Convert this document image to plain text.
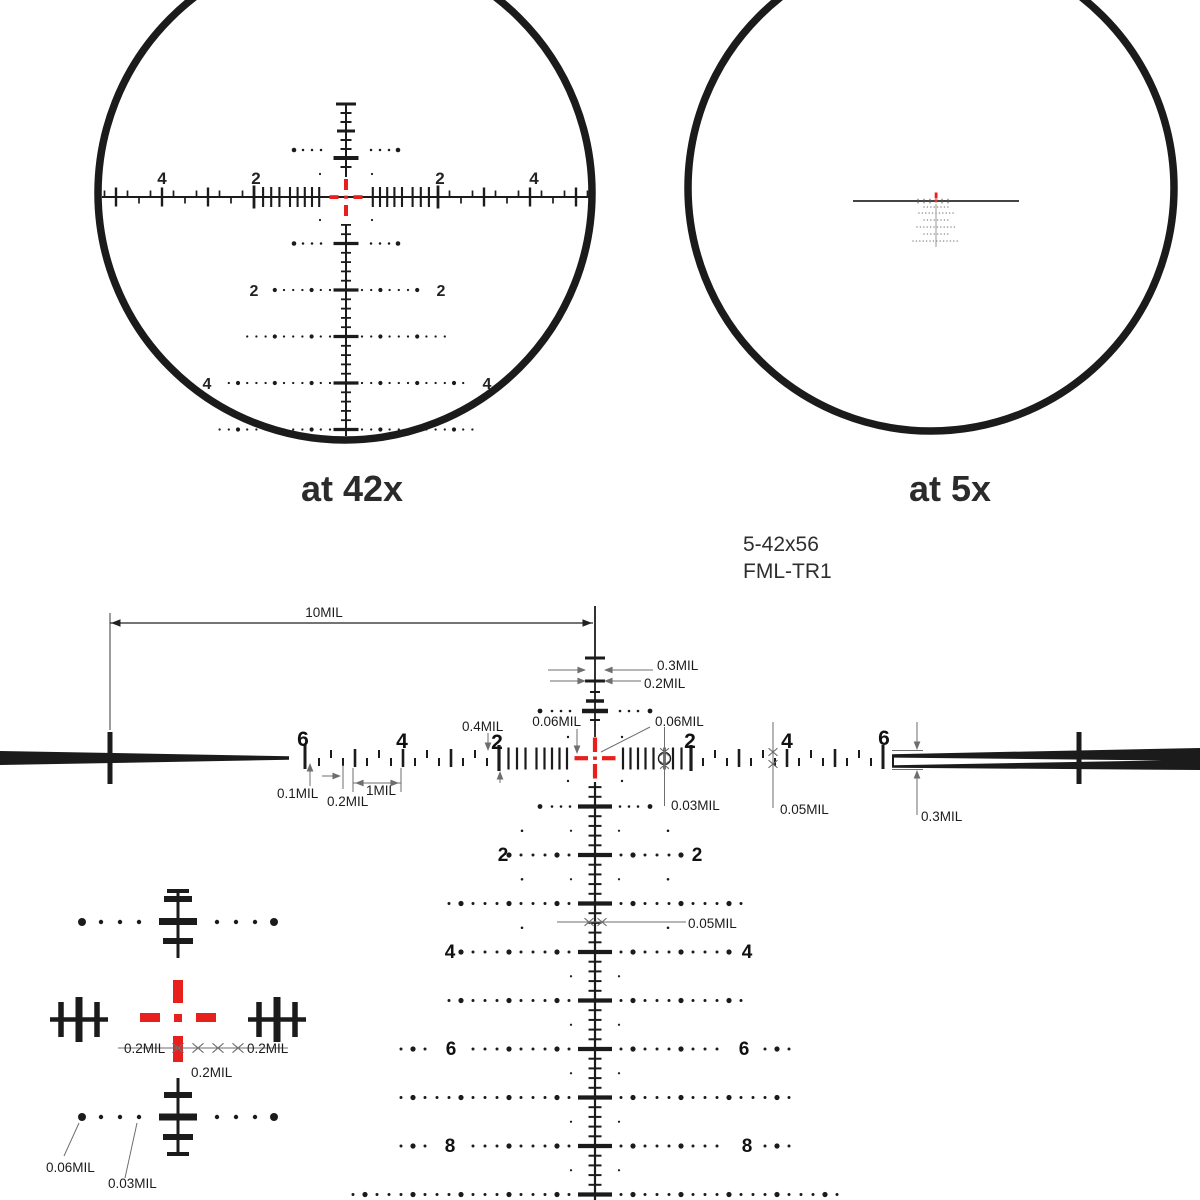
at 42x	at 5x
5-42x56
FML-TR1
4	2	2	4
2	2
4	4
6	4	2	2	4	6
2	2
4	4
6	6
8	8
10MIL
0.3MIL
0.2MIL
0.06MIL	0.06MIL
0.4MIL
0.1MIL
0.2MIL
1MIL
0.03MIL	0.05MIL	0.3MIL
0.05MIL
0.2MIL	0.2MIL
0.2MIL
0.06MIL
0.03MIL
